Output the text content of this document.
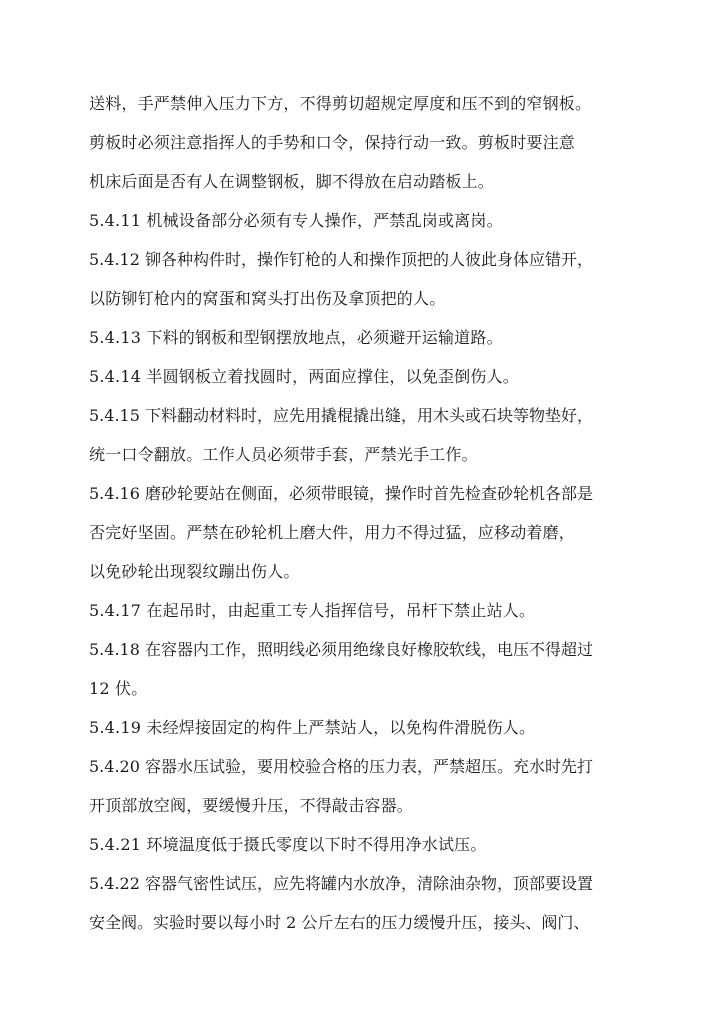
送料，手严禁伸入压力下方，不得剪切超规定厚度和压不到的窄钢板。
剪板时必须注意指挥人的手势和口令，保持行动一致。剪板时要注意
机床后面是否有人在调整钢板，脚不得放在启动踏板上。
5.4.11 机械设备部分必须有专人操作，严禁乱岗或离岗。
5.4.12 铆各种构件时，操作钉枪的人和操作顶把的人彼此身体应错开，
以防铆钉枪内的窝蛋和窝头打出伤及拿顶把的人。
5.4.13 下料的钢板和型钢摆放地点，必须避开运输道路。
5.4.14 半圆钢板立着找圆时，两面应撑住，以免歪倒伤人。
5.4.15 下料翻动材料时，应先用撬棍撬出缝，用木头或石块等物垫好，
统一口令翻放。工作人员必须带手套，严禁光手工作。
5.4.16 磨砂轮要站在侧面，必须带眼镜，操作时首先检查砂轮机各部是
否完好坚固。严禁在砂轮机上磨大件，用力不得过猛，应移动着磨，
以免砂轮出现裂纹蹦出伤人。
5.4.17 在起吊时，由起重工专人指挥信号，吊杆下禁止站人。
5.4.18 在容器内工作，照明线必须用绝缘良好橡胶软线，电压不得超过
12 伏。
5.4.19 未经焊接固定的构件上严禁站人，以免构件滑脱伤人。
5.4.20 容器水压试验，要用校验合格的压力表，严禁超压。充水时先打
开顶部放空阀，要缓慢升压，不得敲击容器。
5.4.21 环境温度低于摄氏零度以下时不得用净水试压。
5.4.22 容器气密性试压，应先将罐内水放净，清除油杂物，顶部要设置
安全阀。实验时要以每小时 2 公斤左右的压力缓慢升压，接头、阀门、
